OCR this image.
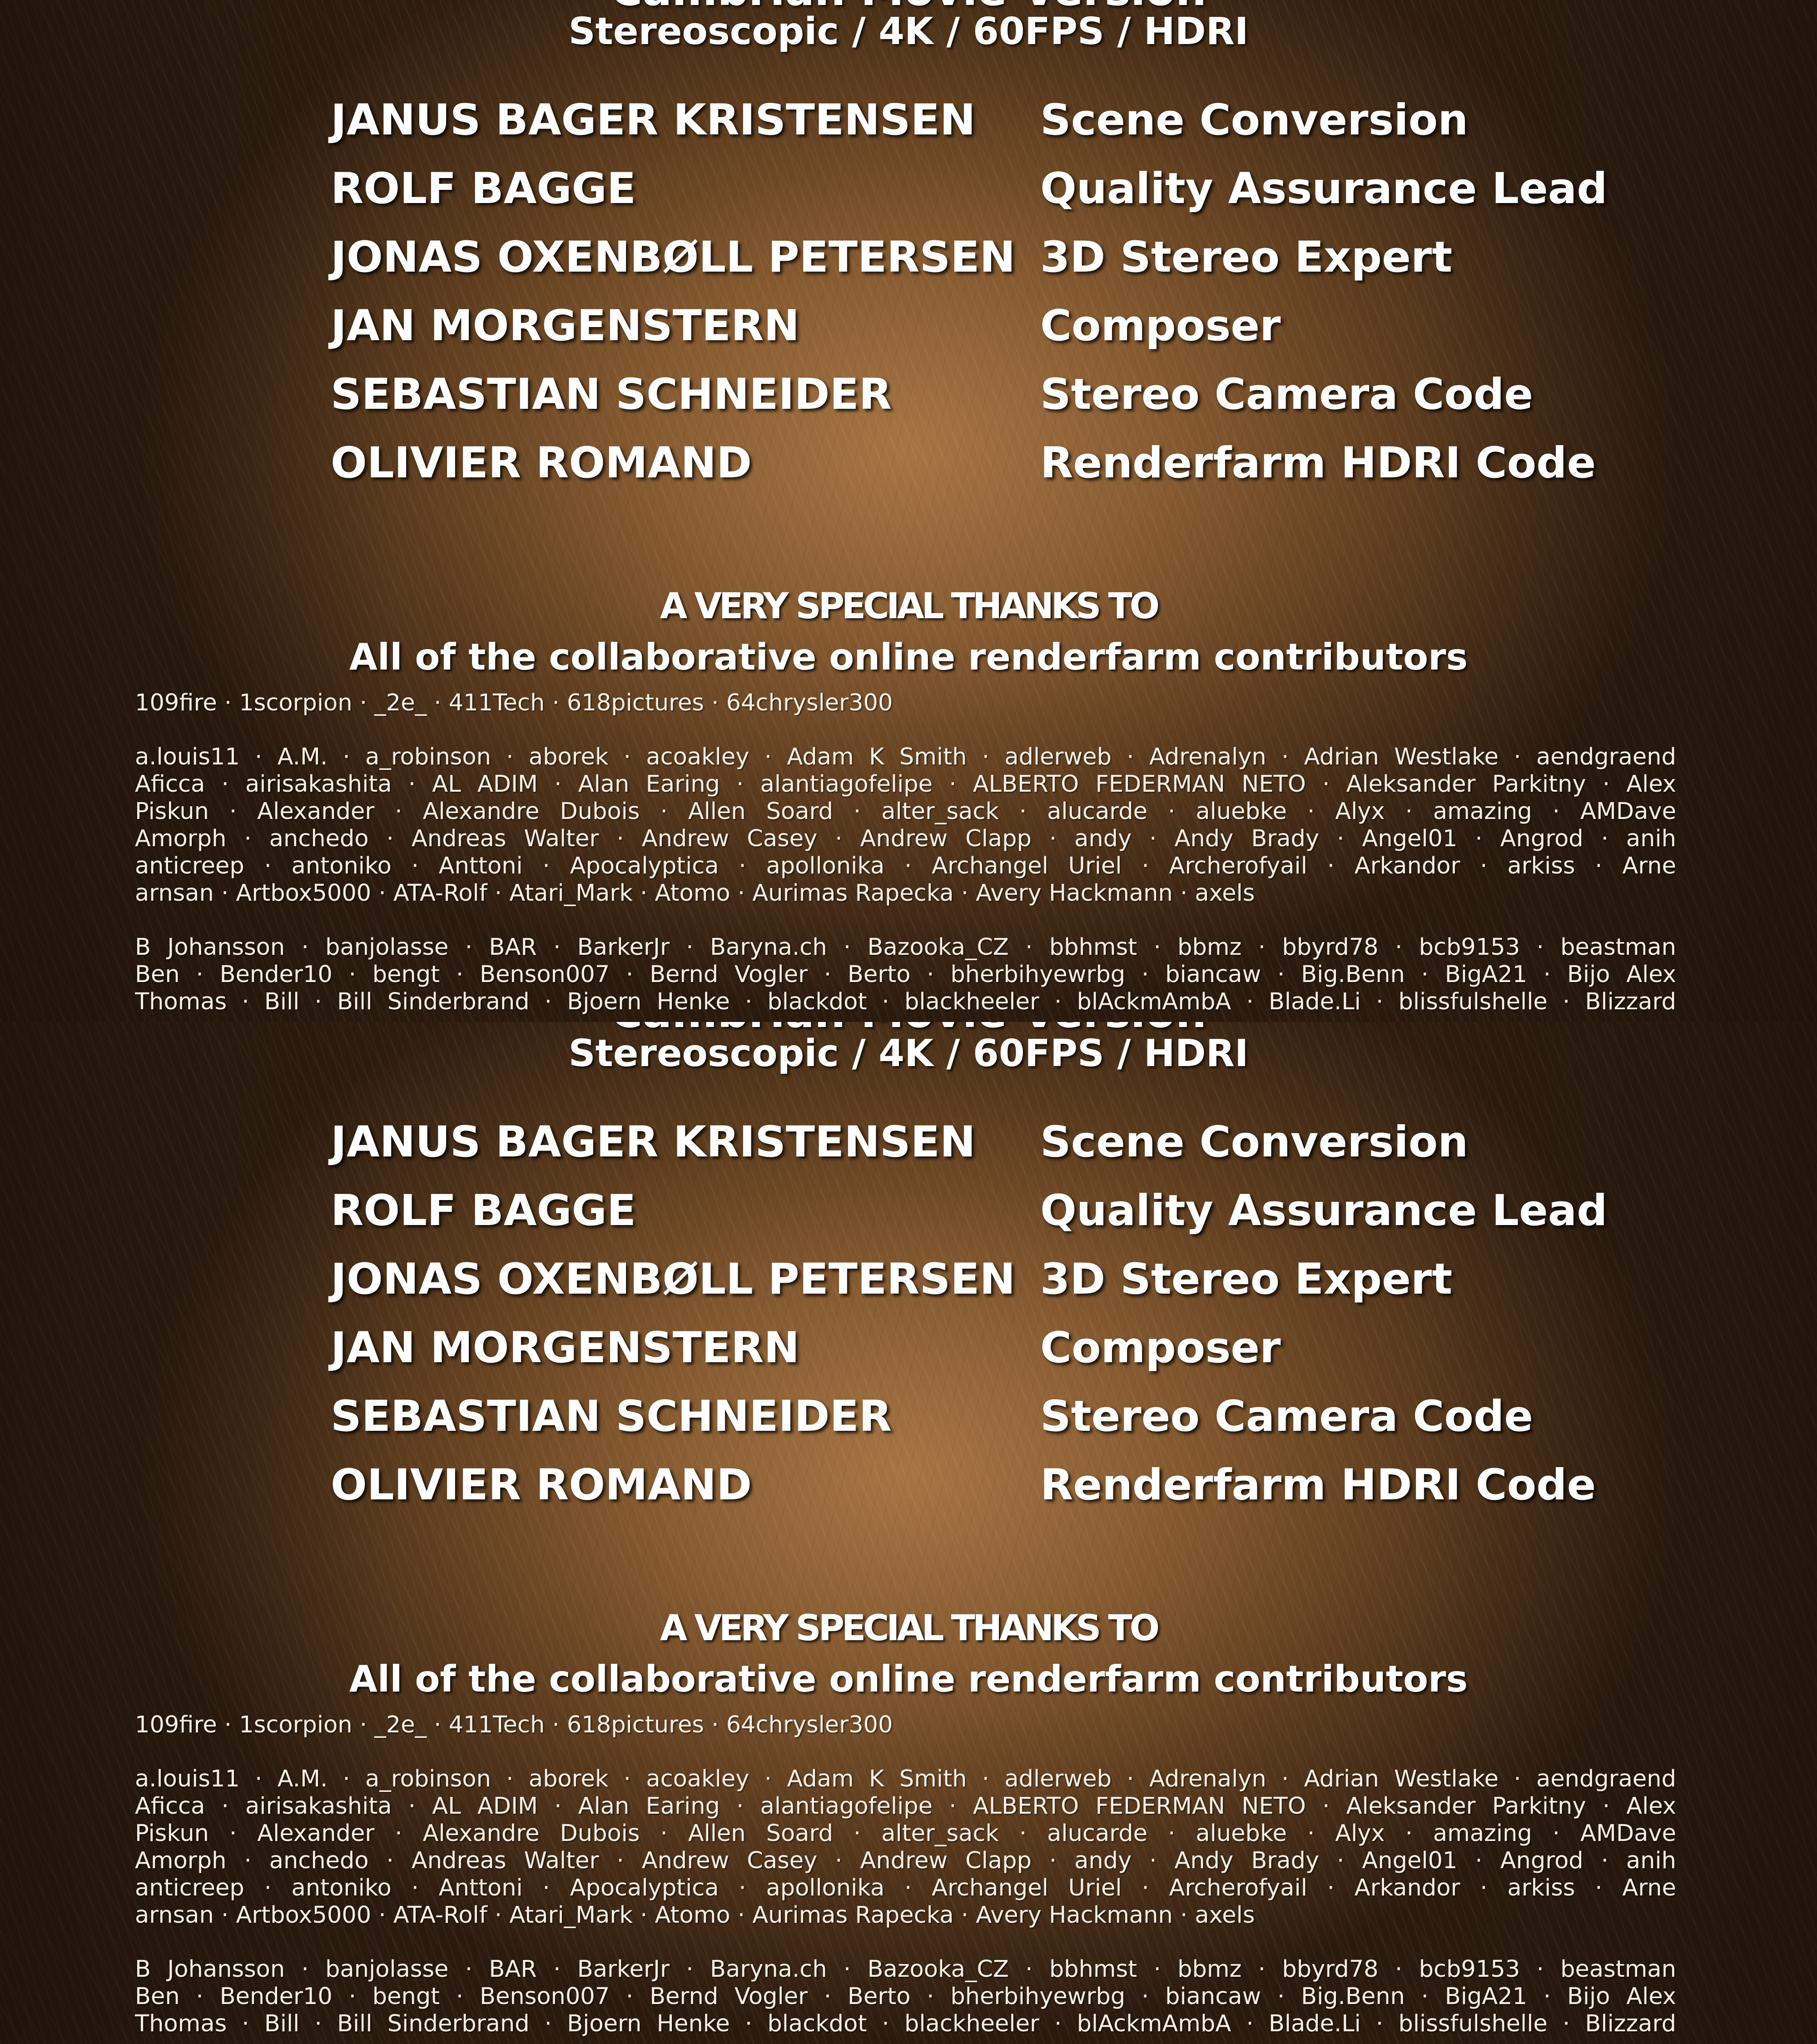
Stereoscopic / 4K / 60FPS / HDRI
JANUS BAGER KRISTENSEN Scene Conversion
ROLF BAGGE	Quality Assurance Lead
JONAS OXENBØLL PETERSEN 3D Stereo Expert
JAN MORGENSTERN	Composer
SEBASTIAN SCHNEIDER	Stereo Camera Code
OLIVIER ROMAND	Renderfarm HDRI Code
A VERY SPECIAL THANKS TO
All of the collaborative online renderfarm contributors
109fire · 1scorpion · _2e_ · 411Tech · 618pictures · 64chrysler300
a.louis11 · A.M. · a_robinson · aborek · acoakley · Adam K Smith · adlerweb · Adrenalyn · Adrian Westlake · aendgraend
Aficca · airisakashita · AL ADIM · Alan Earing · alantiagofelipe · ALBERTO FEDERMAN NETO · Aleksander Parkitny · Alex
Piskun · Alexander · Alexandre Dubois · Allen Soard · alter_sack · alucarde · aluebke · Alyx · amazing · AMDave
Amorph · anchedo · Andreas Walter · Andrew Casey · Andrew Clapp · andy · Andy Brady · Angel01 · Angrod · anih
anticreep · antoniko · Anttoni · Apocalyptica · apollonika · Archangel Uriel · Archerofyail · Arkandor · arkiss · Arne
arnsan · Artbox5000 · ATA-Rolf · Atari_Mark · Atomo · Aurimas Rapecka · Avery Hackmann · axels
B Johansson · banjolasse · BAR · BarkerJr · Baryna.ch · Bazooka_CZ · bbhmst · bbmz · bbyrd78 · bcb9153 · beastman
Ben · Bender10 · bengt · Benson007 · Bernd Vogler · Berto · bherbihyewrbg · biancaw · Big.Benn · BigA21 · Bijo Alex
Thomas · Bill · Bill Sinderbrand · Bjoern Henke · blackdot · blackheeler · blAckmAmbA · Blade.Li · blissfulshelle · Blizzard
Stereoscopic / 4K / 60FPS / HDRI
JANUS BAGER KRISTENSEN Scene Conversion
ROLF BAGGE	Quality Assurance Lead
JONAS OXENBØLL PETERSEN 3D Stereo Expert
JAN MORGENSTERN	Composer
SEBASTIAN SCHNEIDER	Stereo Camera Code
OLIVIER ROMAND	Renderfarm HDRI Code
A VERY SPECIAL THANKS TO
All of the collaborative online renderfarm contributors
109fire · 1scorpion · _2e_ · 411Tech · 618pictures · 64chrysler300
a.louis11 · A.M. · a_robinson · aborek · acoakley · Adam K Smith · adlerweb · Adrenalyn · Adrian Westlake · aendgraend
Aficca · airisakashita · AL ADIM · Alan Earing · alantiagofelipe · ALBERTO FEDERMAN NETO · Aleksander Parkitny · Alex
Piskun · Alexander · Alexandre Dubois · Allen Soard · alter_sack · alucarde · aluebke · Alyx · amazing · AMDave
Amorph · anchedo · Andreas Walter · Andrew Casey · Andrew Clapp · andy · Andy Brady · Angel01 · Angrod · anih
anticreep · antoniko · Anttoni · Apocalyptica · apollonika · Archangel Uriel · Archerofyail · Arkandor · arkiss · Arne
arnsan · Artbox5000 · ATA-Rolf · Atari_Mark · Atomo · Aurimas Rapecka · Avery Hackmann · axels
B Johansson · banjolasse · BAR · BarkerJr · Baryna.ch · Bazooka_CZ · bbhmst · bbmz · bbyrd78 · bcb9153 · beastman
Ben · Bender10 · bengt · Benson007 · Bernd Vogler · Berto · bherbihyewrbg · biancaw · Big.Benn · BigA21 · Bijo Alex
Thomas · Bill · Bill Sinderbrand · Bjoern Henke · blackdot · blackheeler · blAckmAmbA · Blade.Li · blissfulshelle · Blizzard
